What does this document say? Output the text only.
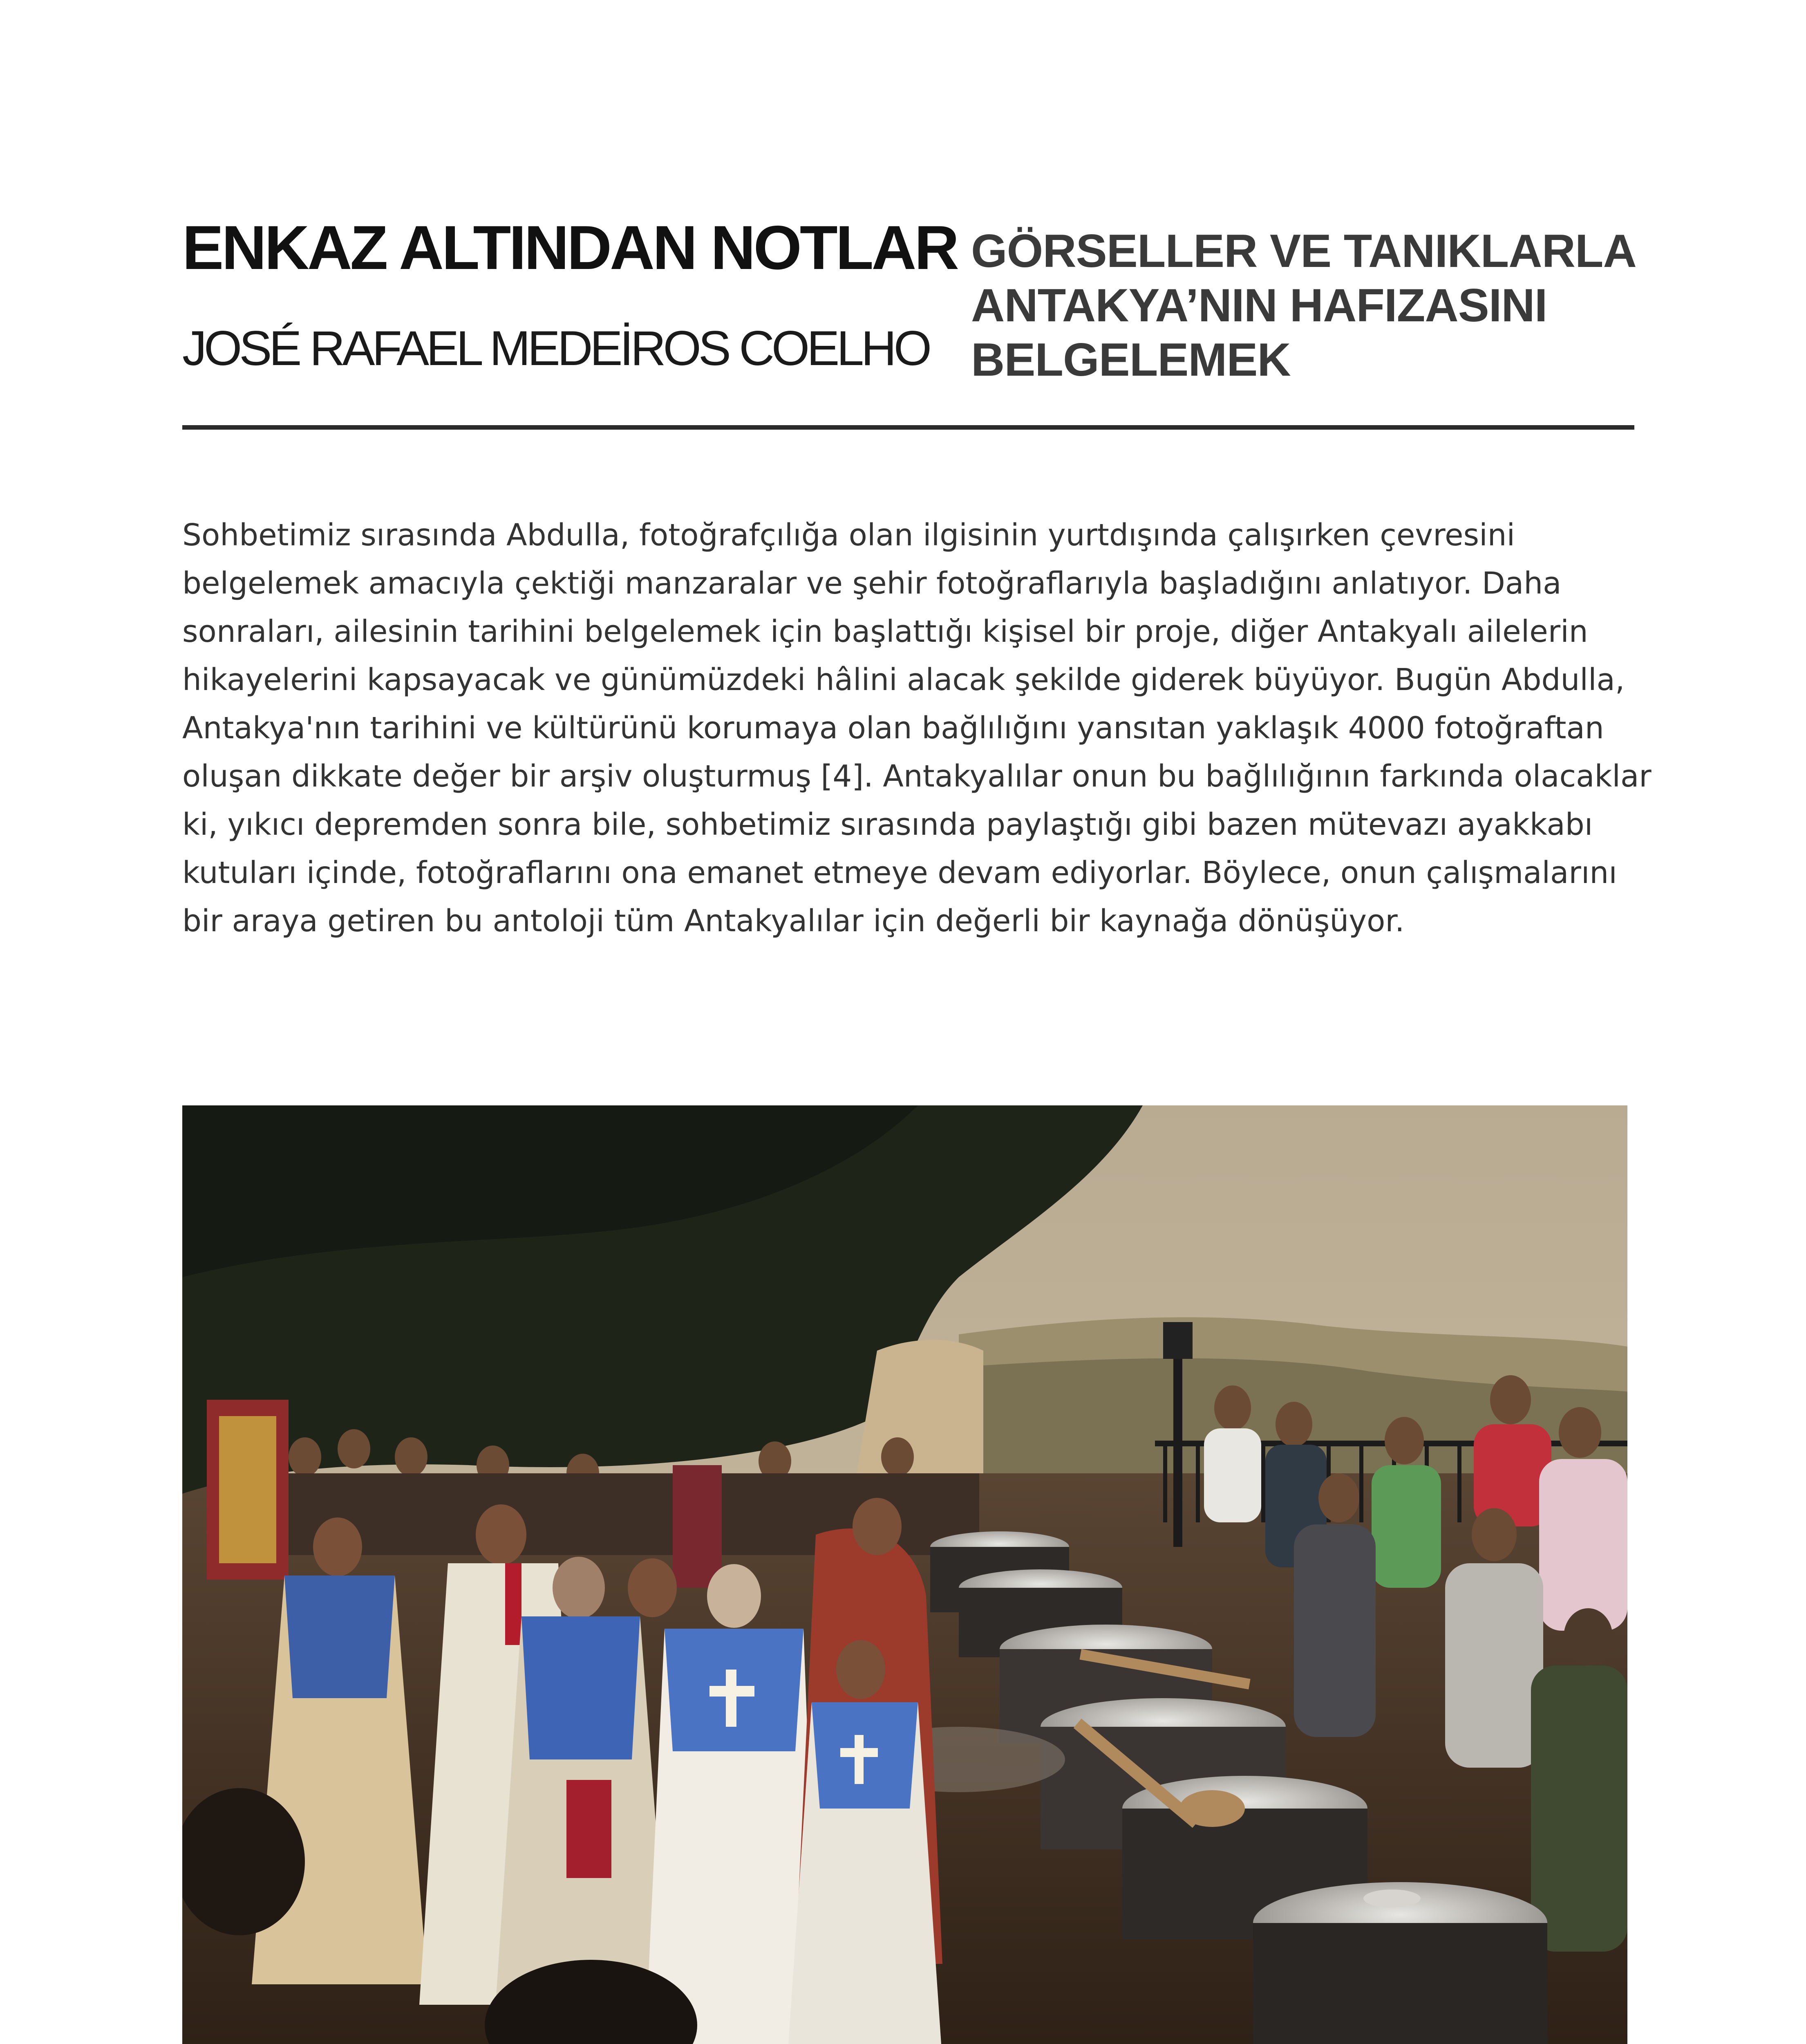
ENKAZ ALTINDAN NOTLAR
JOSÉ RAFAEL MEDEİROS COELHO
GÖRSELLER VE TANIKLARLA
ANTAKYA’NIN HAFIZASINI
BELGELEMEK
Sohbetimiz sırasında Abdulla, fotoğrafçılığa olan ilgisinin yurtdışında çalışırken çevresini
belgelemek amacıyla çektiği manzaralar ve şehir fotoğraflarıyla başladığını anlatıyor. Daha
sonraları, ailesinin tarihini belgelemek için başlattığı kişisel bir proje, diğer Antakyalı ailelerin
hikayelerini kapsayacak ve günümüzdeki hâlini alacak şekilde giderek büyüyor. Bugün Abdulla,
Antakya'nın tarihini ve kültürünü korumaya olan bağlılığını yansıtan yaklaşık 4000 fotoğraftan
oluşan dikkate değer bir arşiv oluşturmuş [4]. Antakyalılar onun bu bağlılığının farkında olacaklar
ki, yıkıcı depremden sonra bile, sohbetimiz sırasında paylaştığı gibi bazen mütevazı ayakkabı
kutuları içinde, fotoğraflarını ona emanet etmeye devam ediyorlar. Böylece, onun çalışmalarını
bir araya getiren bu antoloji tüm Antakyalılar için değerli bir kaynağa dönüşüyor.
